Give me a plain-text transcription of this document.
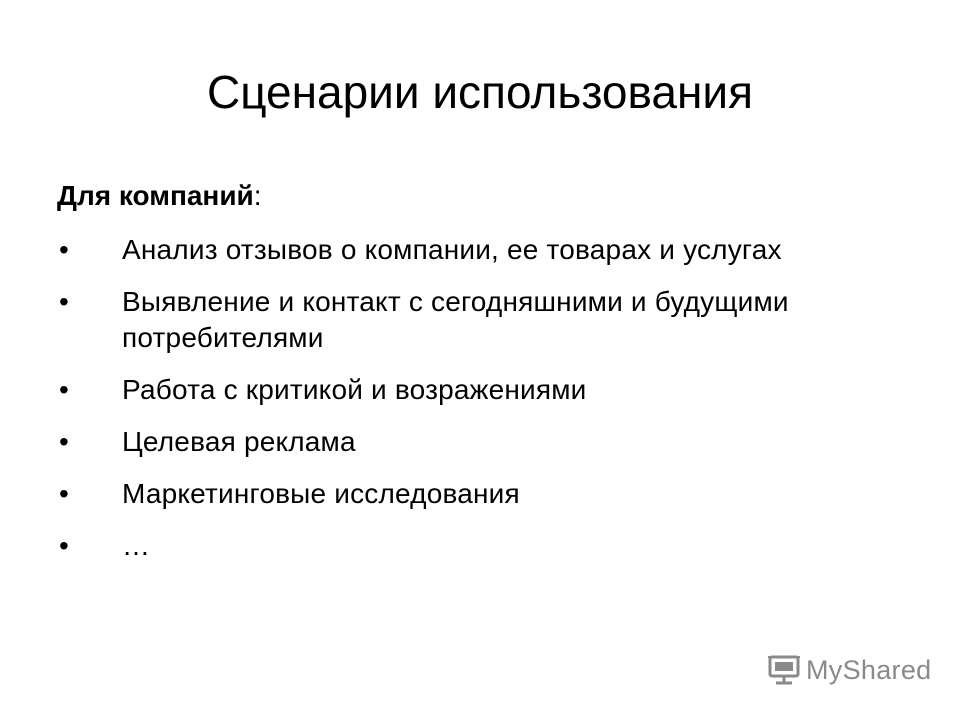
Сценарии использования

Для компаний:

•	Анализ отзывов о компании, ее товарах и услугах
•	Выявление и контакт с сегодняшними и будущими потребителями
•	Работа с критикой и возражениями
•	Целевая реклама
•	Маркетинговые исследования
•	…
MyShared
